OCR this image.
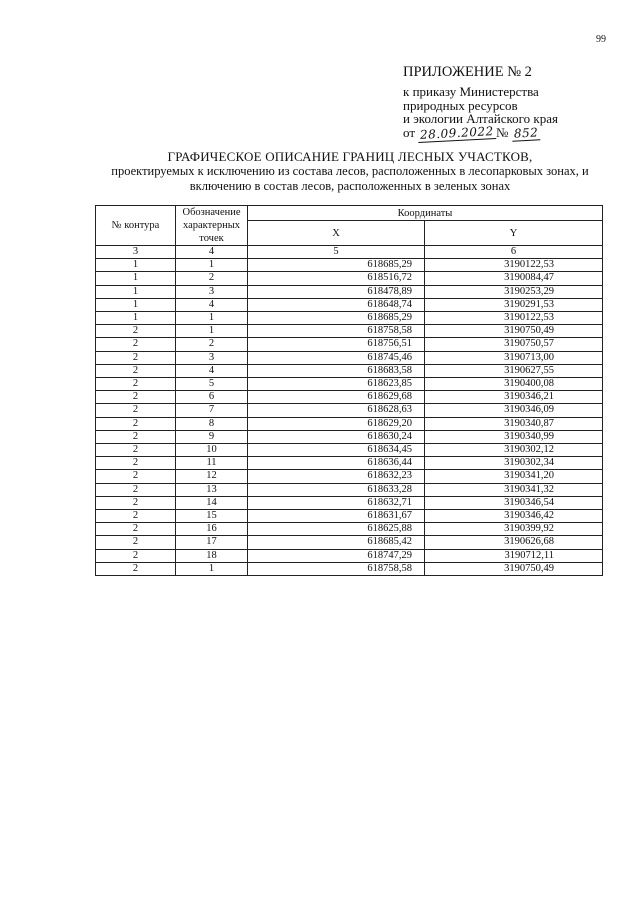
99
ПРИЛОЖЕНИЕ № 2
к приказу Министерства
природных ресурсов
и экологии Алтайского края
от 28.09.2022 № 852
ГРАФИЧЕСКОЕ ОПИСАНИЕ ГРАНИЦ ЛЕСНЫХ УЧАСТКОВ,
проектируемых к исключению из состава лесов, расположенных в лесопарковых зонах, и
включению в состав лесов, расположенных в зеленых зонах
№ контура	Обозначение характерных точек	Координаты	
		X	Y
3	4	5	6
1	1	618685,29	3190122,53
1	2	618516,72	3190084,47
1	3	618478,89	3190253,29
1	4	618648,74	3190291,53
1	1	618685,29	3190122,53
2	1	618758,58	3190750,49
2	2	618756,51	3190750,57
2	3	618745,46	3190713,00
2	4	618683,58	3190627,55
2	5	618623,85	3190400,08
2	6	618629,68	3190346,21
2	7	618628,63	3190346,09
2	8	618629,20	3190340,87
2	9	618630,24	3190340,99
2	10	618634,45	3190302,12
2	11	618636,44	3190302,34
2	12	618632,23	3190341,20
2	13	618633,28	3190341,32
2	14	618632,71	3190346,54
2	15	618631,67	3190346,42
2	16	618625,88	3190399,92
2	17	618685,42	3190626,68
2	18	618747,29	3190712,11
2	1	618758,58	3190750,49
